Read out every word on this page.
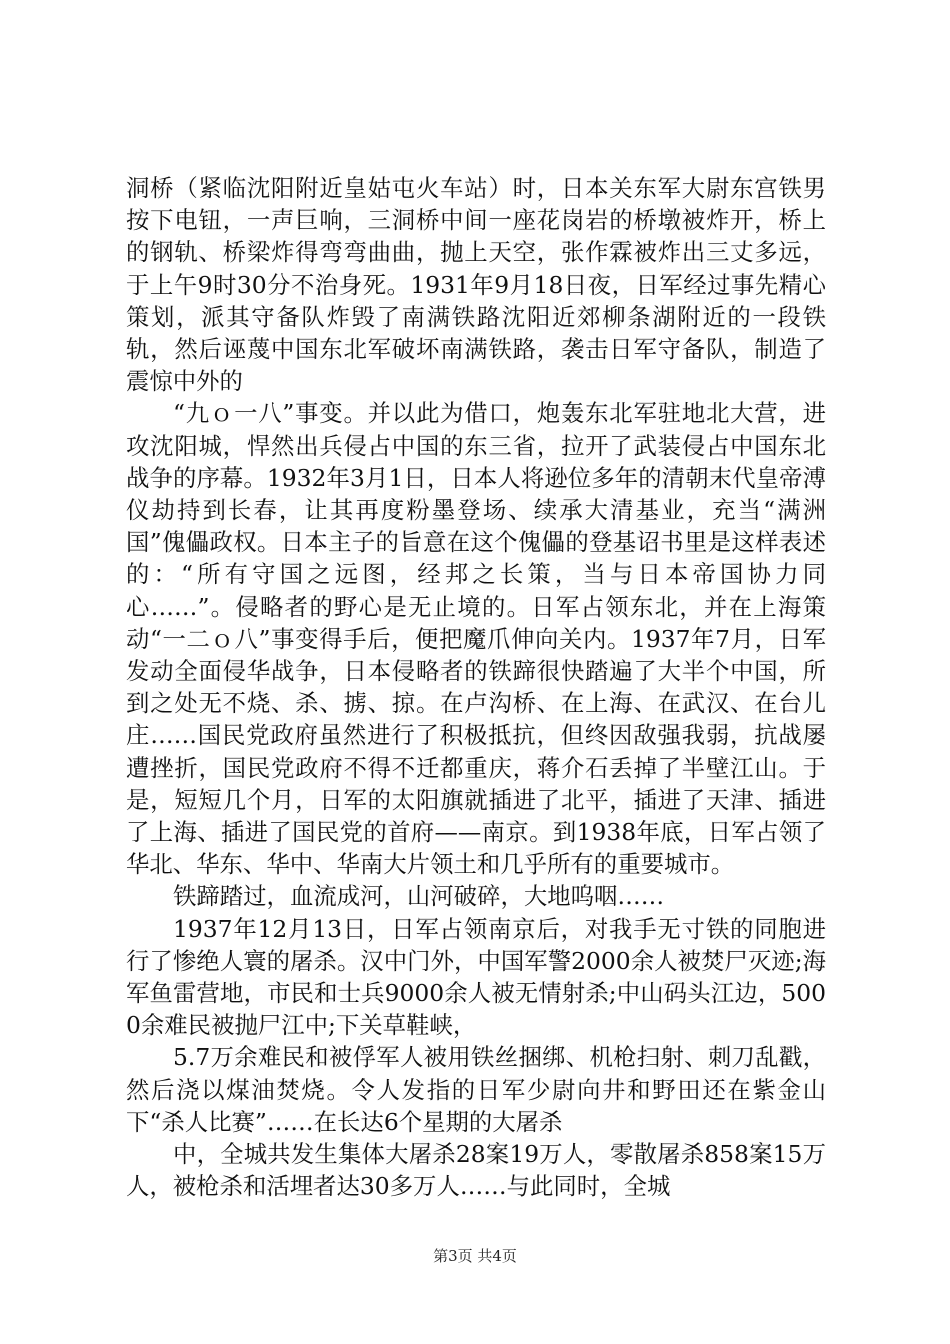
洞桥（紧临沈阳附近皇姑屯火车站）时，日本关东军大尉东宫铁男按下电钮，一声巨响，三洞桥中间一座花岗岩的桥墩被炸开，桥上的钢轨、桥梁炸得弯弯曲曲，抛上天空，张作霖被炸出三丈多远，于上午9时30分不治身死。1931年9月18日夜，日军经过事先精心策划，派其守备队炸毁了南满铁路沈阳近郊柳条湖附近的一段铁轨，然后诬蔑中国东北军破坏南满铁路，袭击日军守备队，制造了震惊中外的

“九ｏ一八”事变。并以此为借口，炮轰东北军驻地北大营，进攻沈阳城，悍然出兵侵占中国的东三省，拉开了武装侵占中国东北战争的序幕。1932年3月1日，日本人将逊位多年的清朝末代皇帝溥仪劫持到长春，让其再度粉墨登场、续承大清基业，充当“满洲国”傀儡政权。日本主子的旨意在这个傀儡的登基诏书里是这样表述的：“所有守国之远图，经邦之长策，当与日本帝国协力同心……”。侵略者的野心是无止境的。日军占领东北，并在上海策动“一二ｏ八”事变得手后，便把魔爪伸向关内。1937年7月，日军发动全面侵华战争，日本侵略者的铁蹄很快踏遍了大半个中国，所到之处无不烧、杀、掳、掠。在卢沟桥、在上海、在武汉、在台儿庄……国民党政府虽然进行了积极抵抗，但终因敌强我弱，抗战屡遭挫折，国民党政府不得不迁都重庆，蒋介石丢掉了半壁江山。于是，短短几个月，日军的太阳旗就插进了北平，插进了天津、插进了上海、插进了国民党的首府——南京。到1938年底，日军占领了华北、华东、华中、华南大片领土和几乎所有的重要城市。

铁蹄踏过，血流成河，山河破碎，大地呜咽……

1937年12月13日，日军占领南京后，对我手无寸铁的同胞进行了惨绝人寰的屠杀。汉中门外，中国军警2000余人被焚尸灭迹;海军鱼雷营地，市民和士兵9000余人被无情射杀;中山码头江边，5000余难民被抛尸江中;下关草鞋峡，

5.7万余难民和被俘军人被用铁丝捆绑、机枪扫射、刺刀乱戳，然后浇以煤油焚烧。令人发指的日军少尉向井和野田还在紫金山下“杀人比赛”……在长达6个星期的大屠杀

中，全城共发生集体大屠杀28案19万人，零散屠杀858案15万人，被枪杀和活埋者达30多万人……与此同时，全城

第3页 共4页
